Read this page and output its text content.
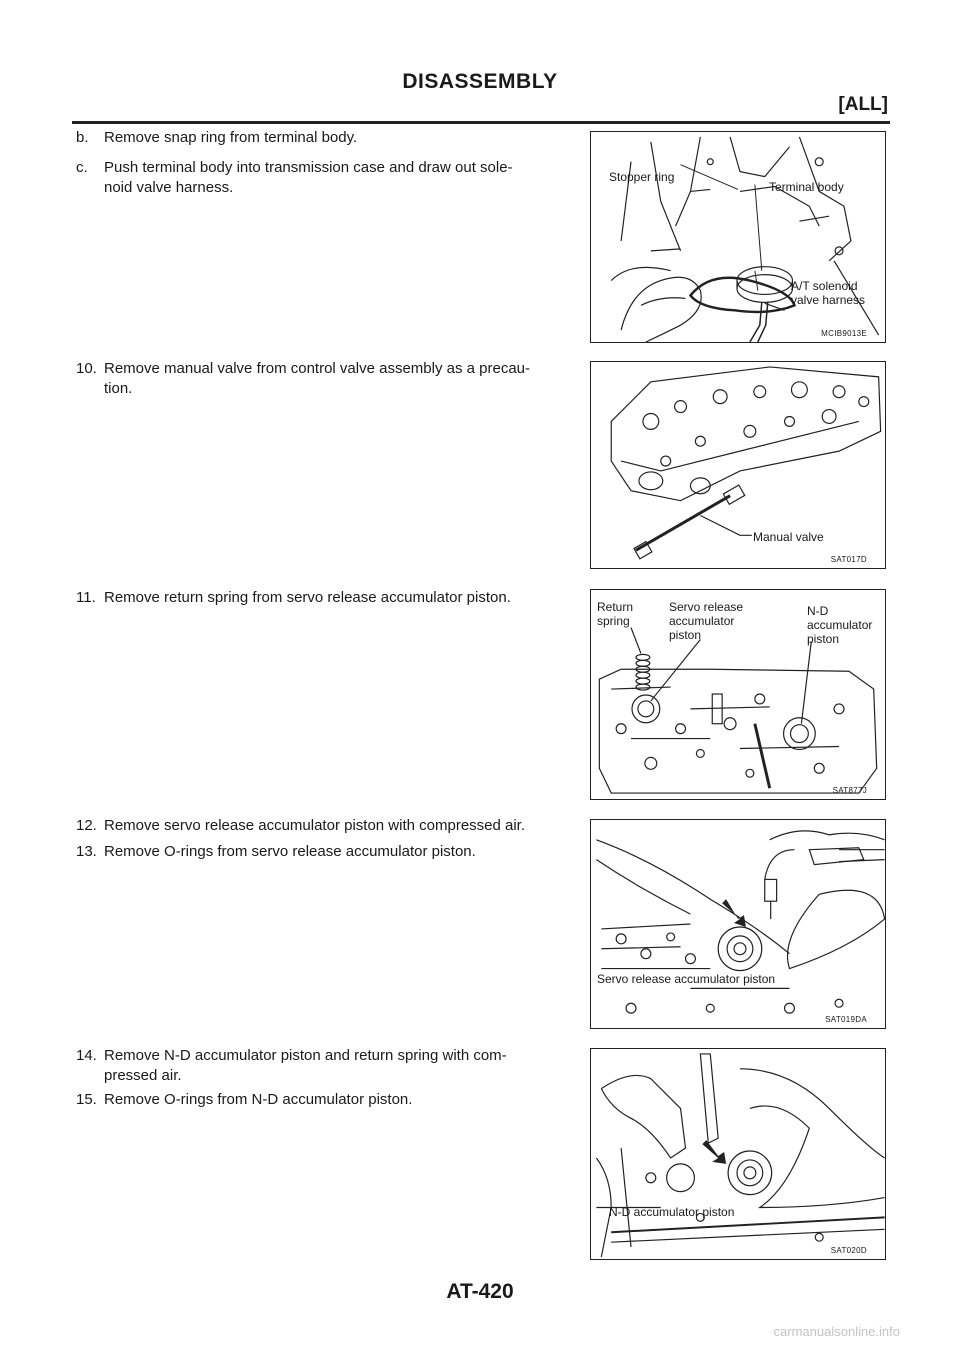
DISASSEMBLY
[ALL]
b. Remove snap ring from terminal body.
c. Push terminal body into transmission case and draw out sole-
noid valve harness.
Stopper ring
Terminal body
A/T solenoid
valve harness
MCIB9013E
10. Remove manual valve from control valve assembly as a precau-
tion.
Manual valve
SAT017D
11. Remove return spring from servo release accumulator piston.
Return
spring
Servo release
accumulator
piston
N-D
accumulator
piston
SAT877J
12. Remove servo release accumulator piston with compressed air.
13. Remove O-rings from servo release accumulator piston.
Servo release accumulator piston
SAT019DA
14. Remove N-D accumulator piston and return spring with com-
pressed air.
15. Remove O-rings from N-D accumulator piston.
N-D accumulator piston
SAT020D
AT-420
carmanualsonline.info
